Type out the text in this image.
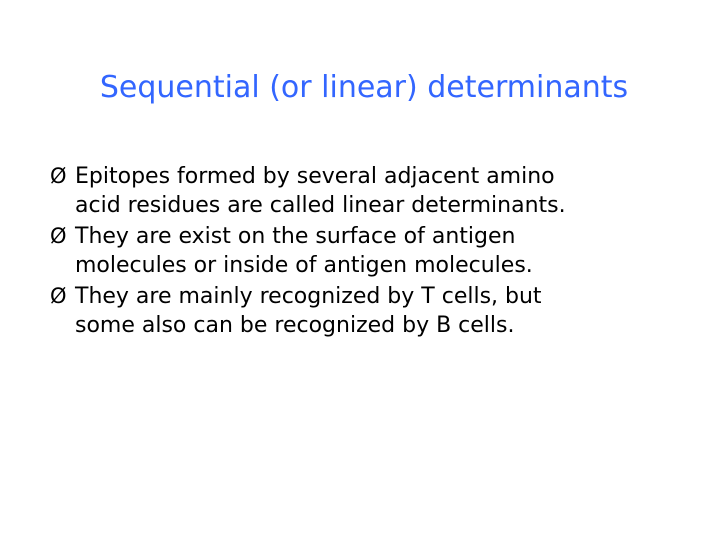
Sequential (or linear) determinants
Ø Epitopes formed by several adjacent amino
acid residues are called linear determinants.
Ø They are exist on the surface of antigen
molecules or inside of antigen molecules.
Ø They are mainly recognized by T cells, but
some also can be recognized by B cells.
